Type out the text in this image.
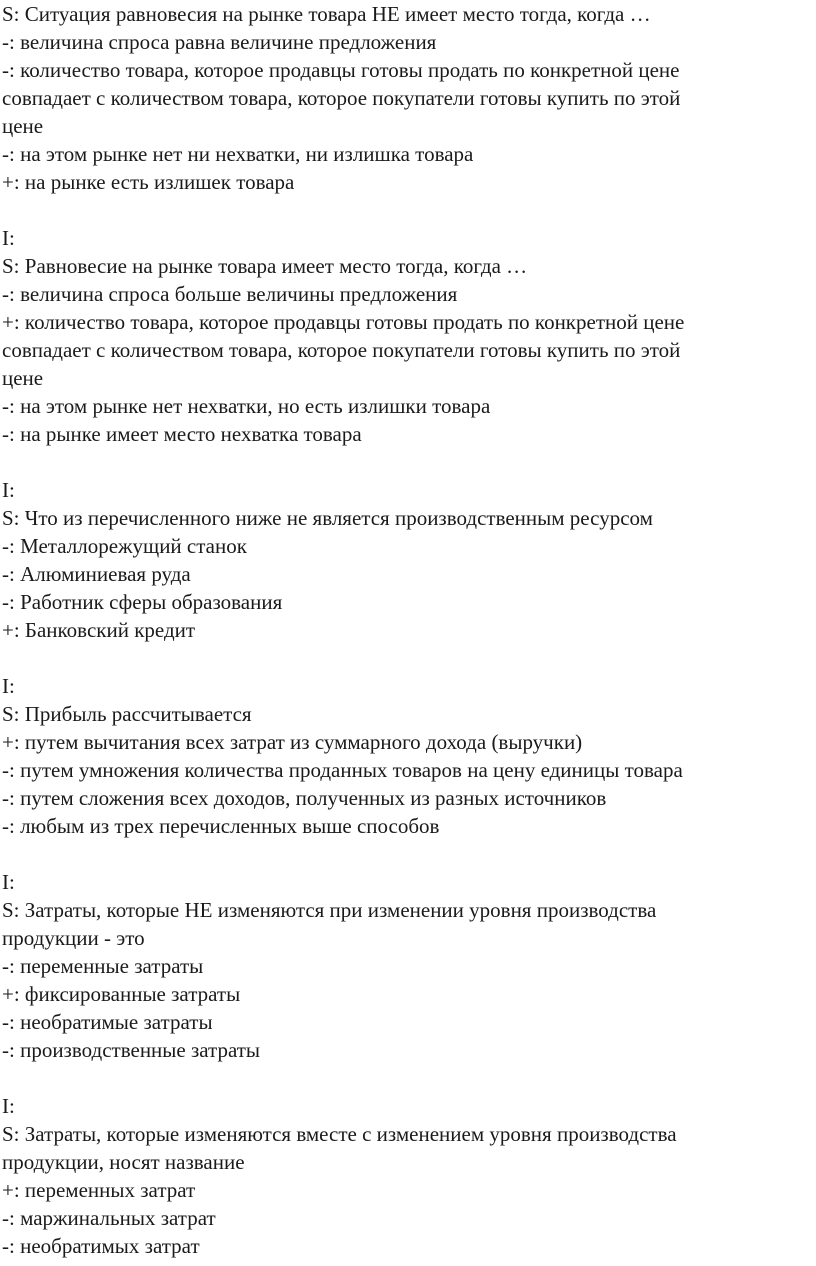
S: Ситуация равновесия на рынке товара НЕ имеет место тогда, когда …

-: величина спроса равна величине предложения

-: количество товара, которое продавцы готовы продать по конкретной цене

совпадает с количеством товара, которое покупатели готовы купить по этой

цене

-: на этом рынке нет ни нехватки, ни излишка товара

+: на рынке есть излишек товара

I:

S: Равновесие на рынке товара имеет место тогда, когда …

-: величина спроса больше величины предложения

+: количество товара, которое продавцы готовы продать по конкретной цене

совпадает с количеством товара, которое покупатели готовы купить по этой

цене

-: на этом рынке нет нехватки, но есть излишки товара

-: на рынке имеет место нехватка товара

I:

S: Что из перечисленного ниже не является производственным ресурсом

-: Металлорежущий станок

-: Алюминиевая руда

-: Работник сферы образования

+: Банковский кредит

I:

S: Прибыль рассчитывается

+: путем вычитания всех затрат из суммарного дохода (выручки)

-: путем умножения количества проданных товаров на цену единицы товара

-: путем сложения всех доходов, полученных из разных источников

-: любым из трех перечисленных выше способов

I:

S: Затраты, которые НЕ изменяются при изменении уровня производства

продукции - это

-: переменные затраты

+: фиксированные затраты

-: необратимые затраты

-: производственные затраты

I:

S: Затраты, которые изменяются вместе с изменением уровня производства

продукции, носят название

+: переменных затрат

-: маржинальных затрат

-: необратимых затрат
